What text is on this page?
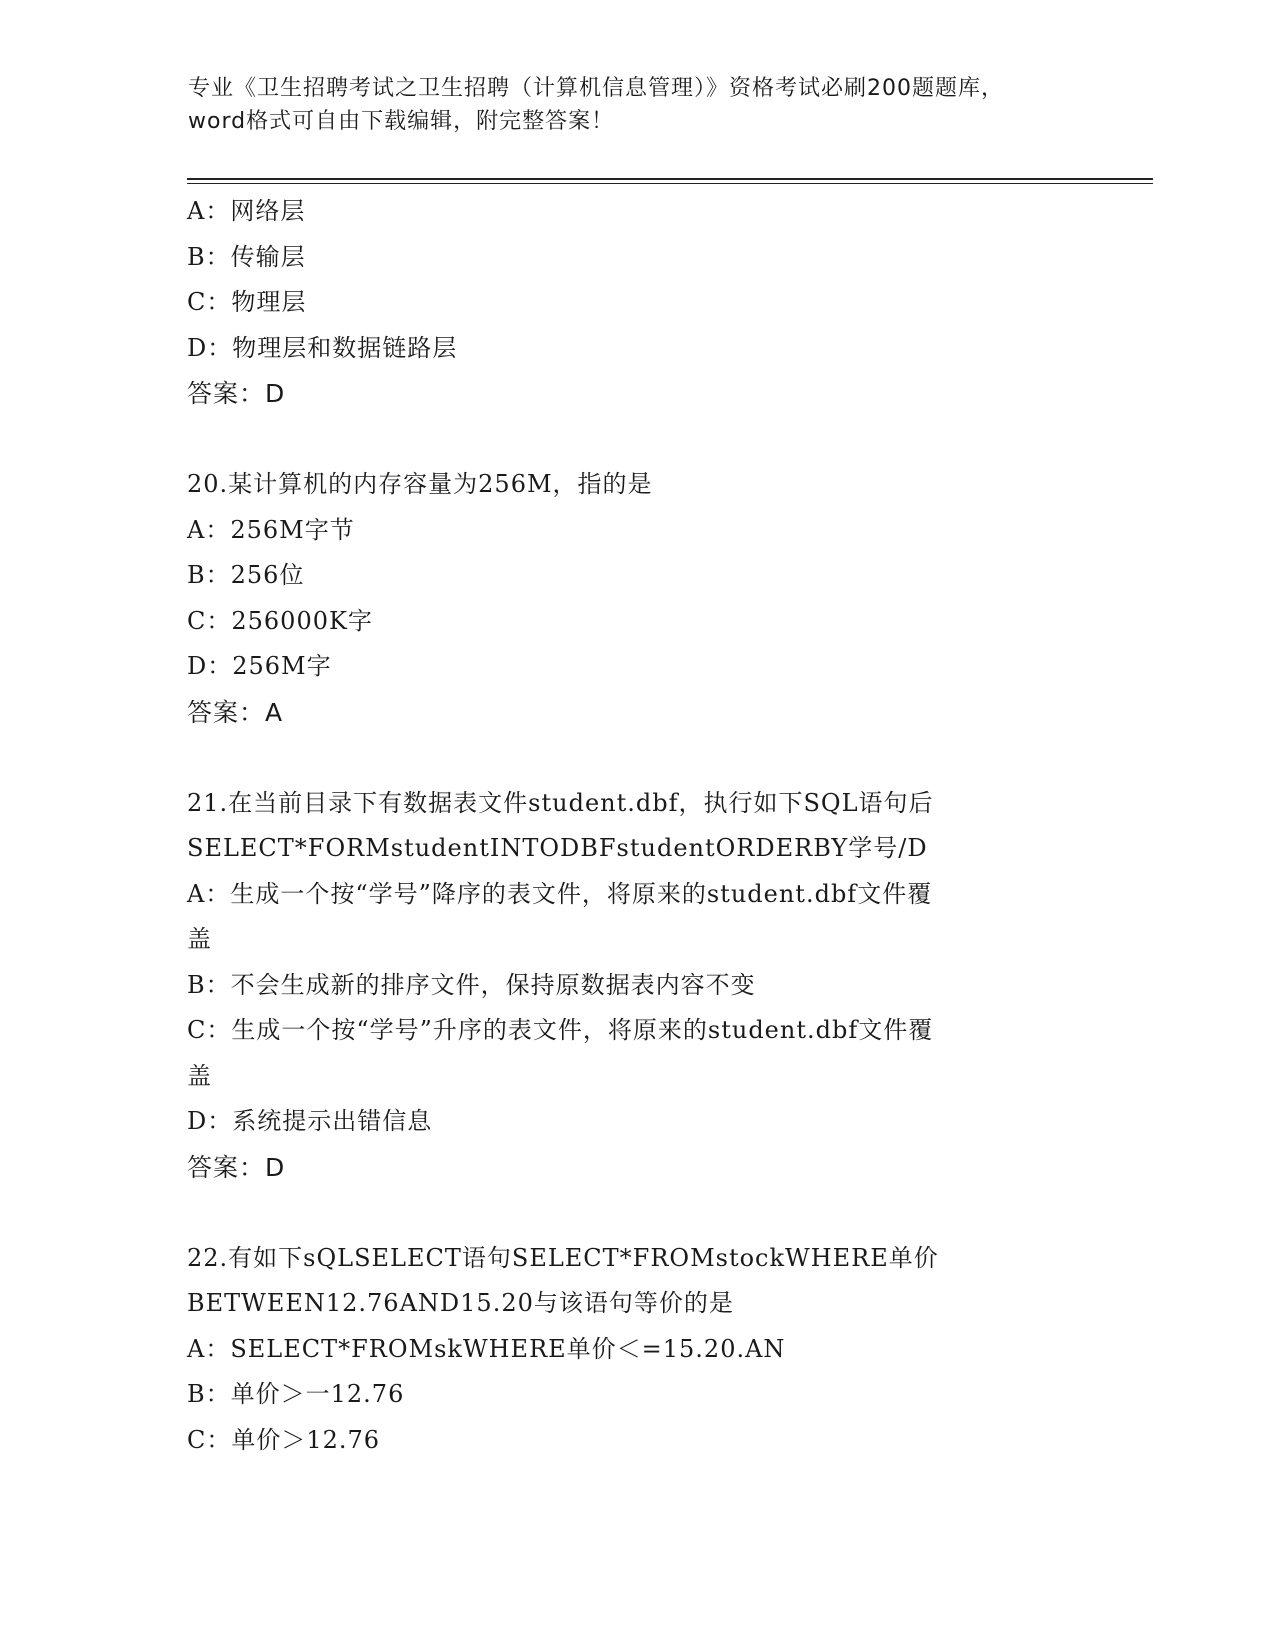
专业《卫生招聘考试之卫生招聘（计算机信息管理）》资格考试必刷200题题库，

word格式可自由下载编辑，附完整答案！

A：网络层
B：传输层
C：物理层
D：物理层和数据链路层
答案：D
20.某计算机的内存容量为256M，指的是
A：256M字节
B：256位
C：256000K字
D：256M字
答案：A
21.在当前目录下有数据表文件student.dbf，执行如下SQL语句后
SELECT*FORMstudentINTODBFstudentORDERBY学号/D
A：生成一个按“学号”降序的表文件，将原来的student.dbf文件覆
盖
B：不会生成新的排序文件，保持原数据表内容不变
C：生成一个按“学号”升序的表文件，将原来的student.dbf文件覆
盖
D：系统提示出错信息
答案：D
22.有如下sQLSELECT语句SELECT*FROMstockWHERE单价
BETWEEN12.76AND15.20与该语句等价的是
A：SELECT*FROMskWHERE单价＜=15.20.AN
B：单价＞一12.76
C：单价＞12.76
